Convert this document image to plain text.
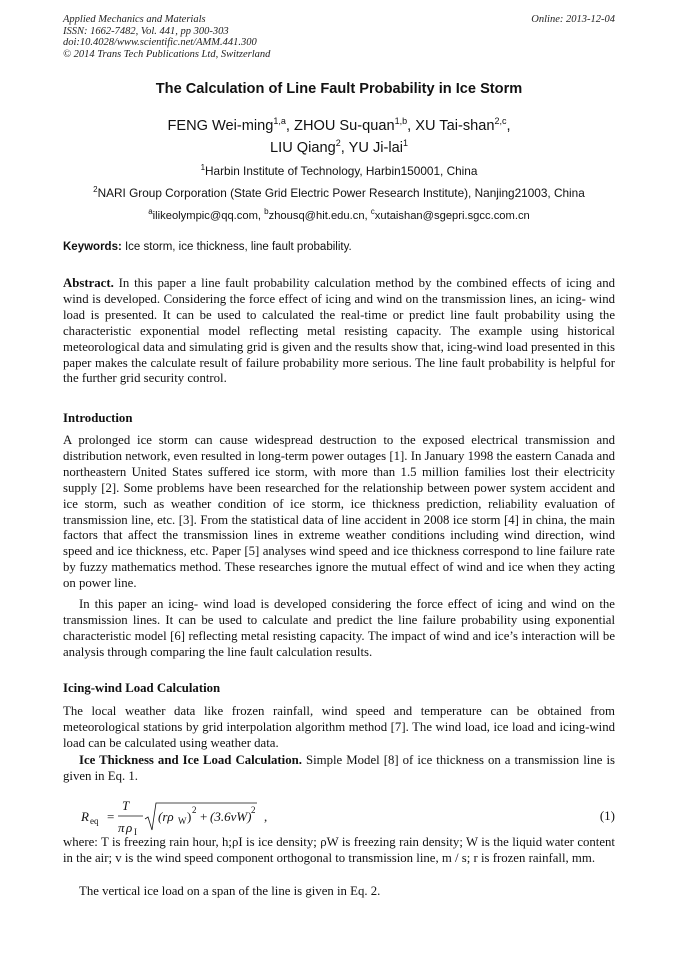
Applied Mechanics and Materials
ISSN: 1662-7482, Vol. 441, pp 300-303
doi:10.4028/www.scientific.net/AMM.441.300
© 2014 Trans Tech Publications Ltd, Switzerland
Online: 2013-12-04
The Calculation of Line Fault Probability in Ice Storm
FENG Wei-ming$^{1,a}$, ZHOU Su-quan$^{1,b}$, XU Tai-shan$^{2,c}$,
LIU Qiang$^2$, YU Ji-lai$^1$
$^1$Harbin Institute of Technology, Harbin150001, China
$^2$NARI Group Corporation (State Grid Electric Power Research Institute), Nanjing21003, China
$^a$ilikeolympic@qq.com, $^b$zhousq@hit.edu.cn, $^c$xutaishan@sgepri.sgcc.com.cn
Keywords: Ice storm, ice thickness, line fault probability.
Abstract. In this paper a line fault probability calculation method by the combined effects of icing and wind is developed. Considering the force effect of icing and wind on the transmission lines, an icing- wind load is presented. It can be used to calculated the real-time or predict line fault probability using the characteristic exponential model reflecting metal resisting capacity. The example using historical meteorological data and simulating grid is given and the results show that, icing-wind load presented in this paper makes the calculate result of failure probability more serious. The line fault probability is helpful for the further grid security control.
Introduction
A prolonged ice storm can cause widespread destruction to the exposed electrical transmission and distribution network, even resulted in long-term power outages [1]. In January 1998 the eastern Canada and northeastern United States suffered ice storm, with more than 1.5 million families lost their electricity supply [2]. Some problems have been researched for the relationship between power system accident and ice storm, such as weather condition of ice storm, ice thickness prediction, reliability evaluation of transmission line, etc. [3]. From the statistical data of line accident in 2008 ice storm [4] in china, the main factors that affect the transmission lines in extreme weather conditions including wind direction, wind speed and ice thickness, etc. Paper [5] analyses wind speed and ice thickness correspond to line failure rate by fuzzy mathematics method. These researches ignore the mutual effect of wind and ice when they acting on power line.
In this paper an icing- wind load is developed considering the force effect of icing and wind on the transmission lines. It can be used to calculate and predict the line failure probability using exponential characteristic model [6] reflecting metal resisting capacity. The impact of wind and ice’s interaction will be analysis through comparing the line fault calculation results.
Icing-wind Load Calculation
The local weather data like frozen rainfall, wind speed and temperature can be obtained from meteorological stations by grid interpolation algorithm method [7]. The wind load, ice load and icing-wind load can be calculated using weather data.
Ice Thickness and Ice Load Calculation. Simple Model [8] of ice thickness on a transmission line is given in Eq. 1.
R eq =
T
π ρ I
(rρ W ) 2 + (3.6vW) 2 ,	(1)
where: T is freezing rain hour, h;ρI is ice density; ρW is freezing rain density; W is the liquid water content in the air; v is the wind speed component orthogonal to transmission line, m / s; r is frozen rainfall, mm.
The vertical ice load on a span of the line is given in Eq. 2.
